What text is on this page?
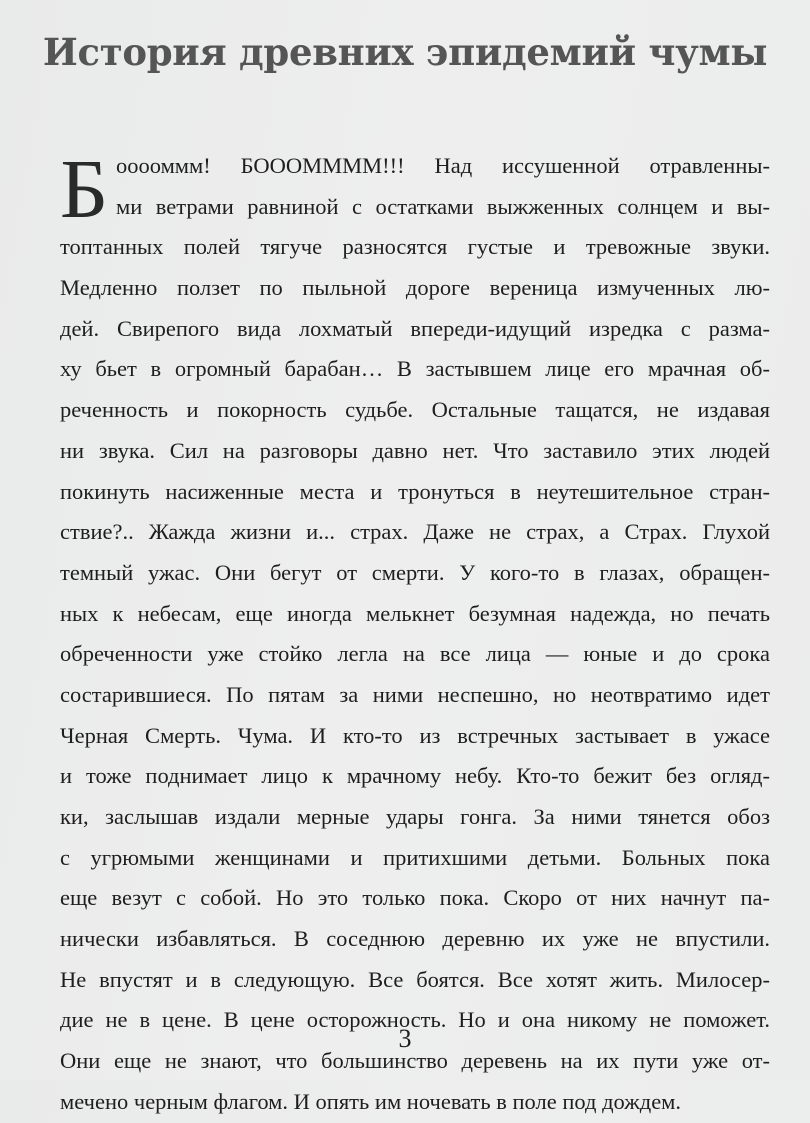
История древних эпидемий чумы
Б ооооммм! БОООММММ!!! Над иссушенной отравленны-
ми ветрами равниной с остатками выжженных солнцем и вы-
топтанных полей тягуче разносятся густые и тревожные звуки.
Медленно ползет по пыльной дороге вереница измученных лю-
дей. Свирепого вида лохматый впереди-идущий изредка с разма-
ху бьет в огромный барабан… В застывшем лице его мрачная об-
реченность и покорность судьбе. Остальные тащатся, не издавая
ни звука. Сил на разговоры давно нет. Что заставило этих людей
покинуть насиженные места и тронуться в неутешительное стран-
ствие?.. Жажда жизни и... страх. Даже не страх, а Страх. Глухой
темный ужас. Они бегут от смерти. У кого-то в глазах, обращен-
ных к небесам, еще иногда мелькнет безумная надежда, но печать
обреченности уже стойко легла на все лица — юные и до срока
состарившиеся. По пятам за ними неспешно, но неотвратимо идет
Черная Смерть. Чума. И кто-то из встречных застывает в ужасе
и тоже поднимает лицо к мрачному небу. Кто-то бежит без огляд-
ки, заслышав издали мерные удары гонга. За ними тянется обоз
с угрюмыми женщинами и притихшими детьми. Больных пока
еще везут с собой. Но это только пока. Скоро от них начнут па-
нически избавляться. В соседнюю деревню их уже не впустили.
Не впустят и в следующую. Все боятся. Все хотят жить. Милосер-
дие не в цене. В цене осторожность. Но и она никому не поможет.
Они еще не знают, что большинство деревень на их пути уже от-
мечено черным флагом. И опять им ночевать в поле под дождем.
3
